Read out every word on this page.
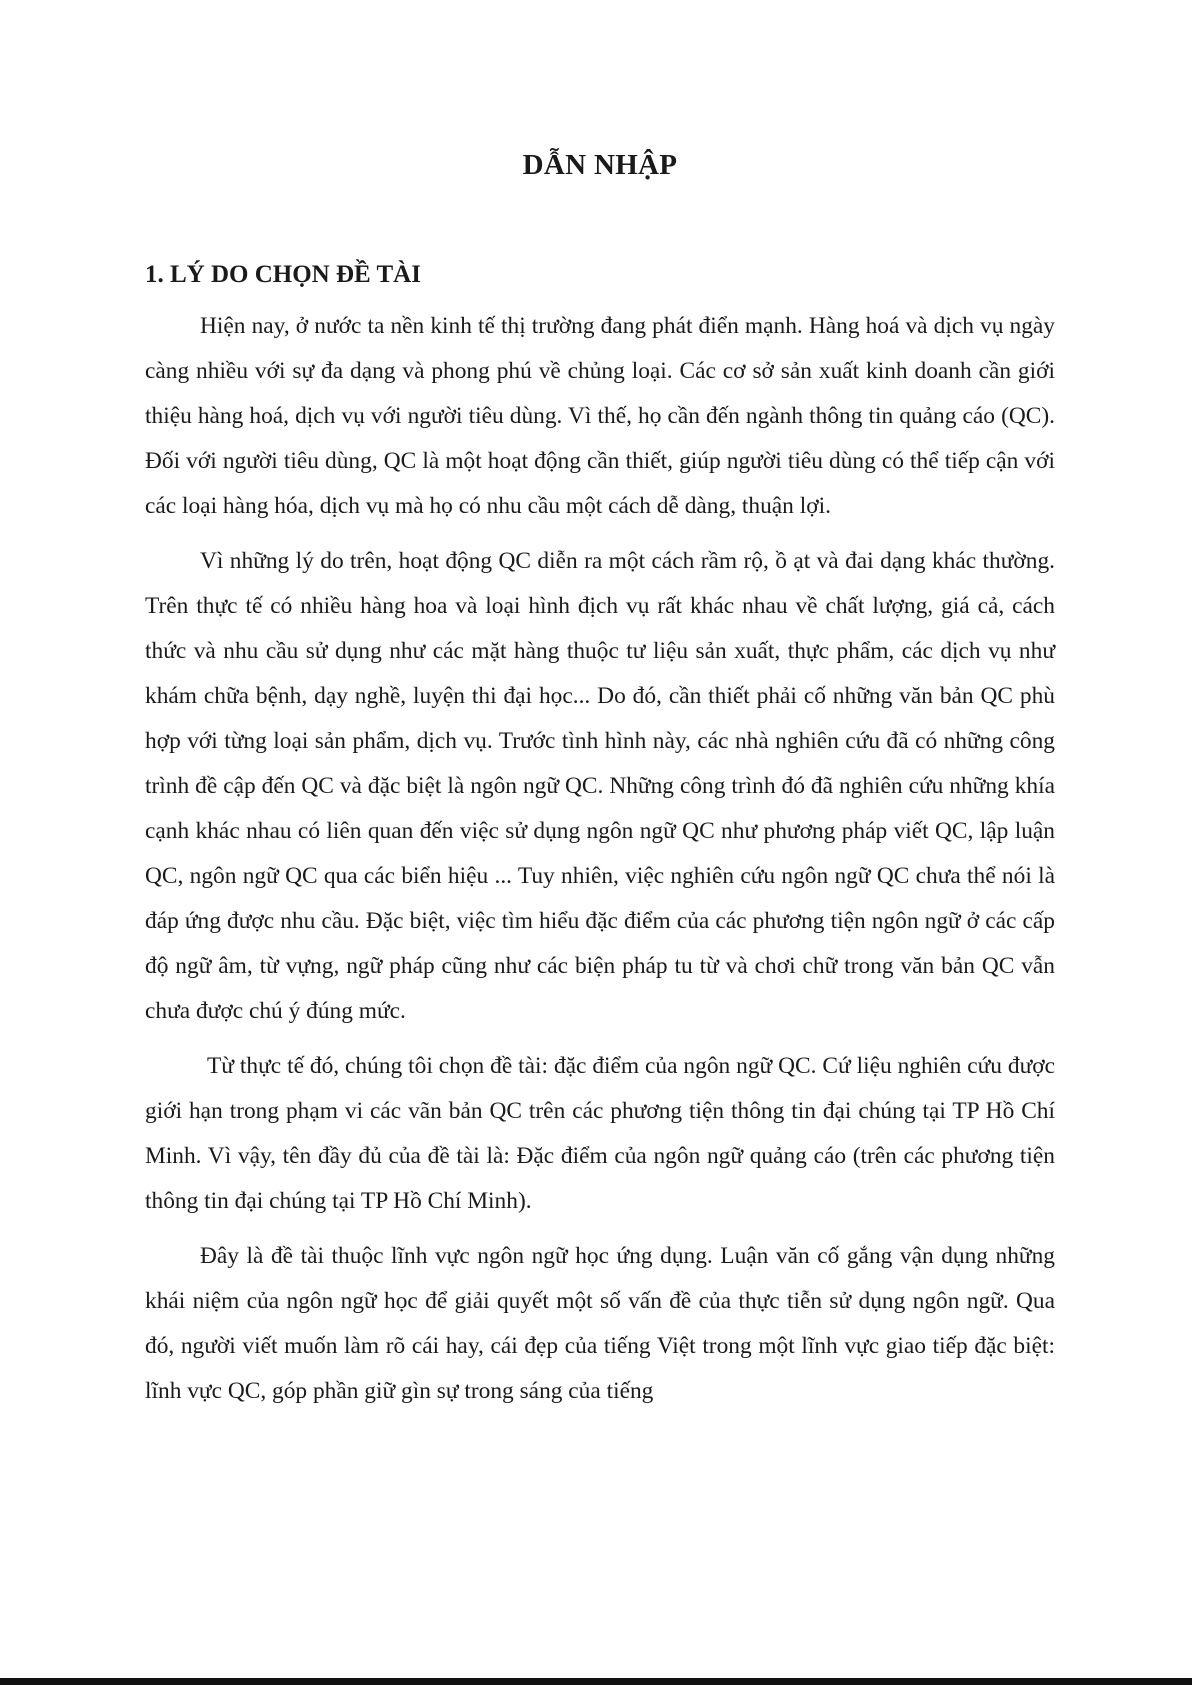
DẪN NHẬP
1. LÝ DO CHỌN ĐỀ TÀI

Hiện nay, ở nước ta nền kinh tế thị trường đang phát điển mạnh. Hàng hoá và dịch vụ ngày càng nhiều với sự đa dạng và phong phú về chủng loại. Các cơ sở sản xuất kinh doanh cần giới thiệu hàng hoá, dịch vụ với người tiêu dùng. Vì thế, họ cần đến ngành thông tin quảng cáo (QC). Đối với người tiêu dùng, QC là một hoạt động cần thiết, giúp người tiêu dùng có thể tiếp cận với các loại hàng hóa, dịch vụ mà họ có nhu cầu một cách dễ dàng, thuận lợi.

Vì những lý do trên, hoạt động QC diễn ra một cách rầm rộ, ồ ạt và đai dạng khác thường. Trên thực tế có nhiều hàng hoa và loại hình địch vụ rất khác nhau về chất lượng, giá cả, cách thức và nhu cầu sử dụng như các mặt hàng thuộc tư liệu sản xuất, thực phẩm, các dịch vụ như khám chữa bệnh, dạy nghề, luyện thi đại học... Do đó, cần thiết phải cố những văn bản QC phù hợp với từng loại sản phẩm, dịch vụ. Trước tình hình này, các nhà nghiên cứu đã có những công trình đề cập đến QC và đặc biệt là ngôn ngữ QC. Những công trình đó đã nghiên cứu những khía cạnh khác nhau có liên quan đến việc sử dụng ngôn ngữ QC như phương pháp viết QC, lập luận QC, ngôn ngữ QC qua các biển hiệu ... Tuy nhiên, việc nghiên cứu ngôn ngữ QC chưa thể nói là đáp ứng được nhu cầu. Đặc biệt, việc tìm hiểu đặc điểm của các phương tiện ngôn ngữ ở các cấp độ ngữ âm, từ vựng, ngữ pháp cũng như các biện pháp tu từ và chơi chữ trong văn bản QC vẫn chưa được chú ý đúng mức.

Từ thực tế đó, chúng tôi chọn đề tài: đặc điểm của ngôn ngữ QC. Cứ liệu nghiên cứu được giới hạn trong phạm vi các vãn bản QC trên các phương tiện thông tin đại chúng tại TP Hồ Chí Minh. Vì vậy, tên đầy đủ của đề tài là: Đặc điểm của ngôn ngữ quảng cáo (trên các phương tiện thông tin đại chúng tại TP Hồ Chí Minh).

Đây là đề tài thuộc lĩnh vực ngôn ngữ học ứng dụng. Luận văn cố gắng vận dụng những khái niệm của ngôn ngữ học để giải quyết một số vấn đề của thực tiễn sử dụng ngôn ngữ. Qua đó, người viết muốn làm rõ cái hay, cái đẹp của tiếng Việt trong một lĩnh vực giao tiếp đặc biệt: lĩnh vực QC, góp phần giữ gìn sự trong sáng của tiếng
